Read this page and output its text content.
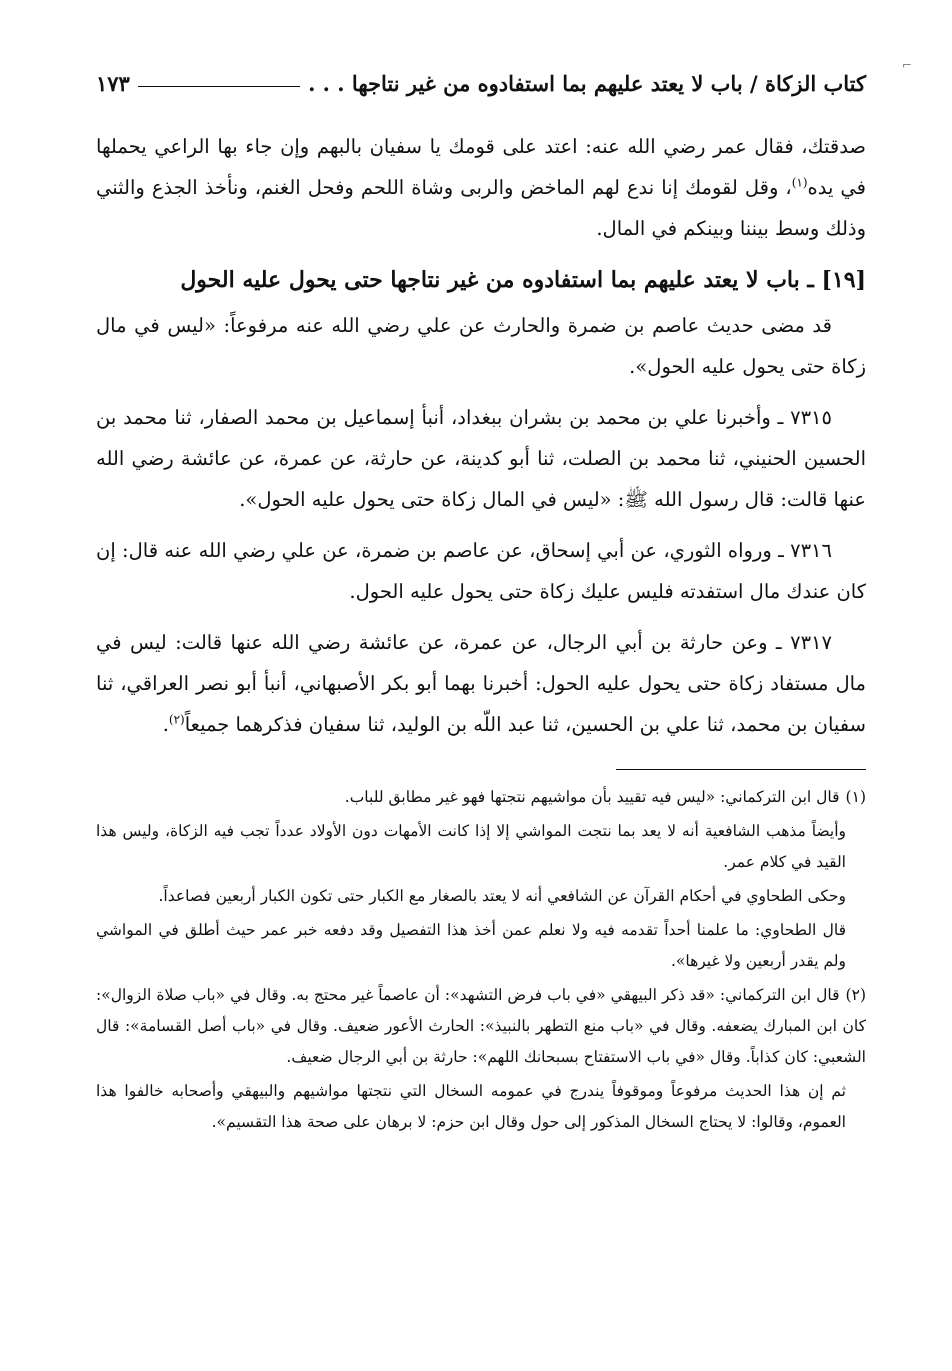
⌐
كتاب الزكاة / باب لا يعتد عليهم بما استفادوه من غير نتاجها . . .
١٧٣

صدقتك، فقال عمر رضي الله عنه: اعتد على قومك يا سفيان بالبهم وإن جاء بها الراعي يحملها في يده$^{(١)}$، وقل لقومك إنا ندع لهم الماخض والربى وشاة اللحم وفحل الغنم، ونأخذ الجذع والثني وذلك وسط بيننا وبينكم في المال.

[١٩] ـ باب لا يعتد عليهم بما استفادوه من غير نتاجها حتى يحول عليه الحول

قد مضى حديث عاصم بن ضمرة والحارث عن علي رضي الله عنه مرفوعاً: «ليس في مال زكاة حتى يحول عليه الحول».

٧٣١٥ ـ وأخبرنا علي بن محمد بن بشران ببغداد، أنبأ إسماعيل بن محمد الصفار، ثنا محمد بن الحسين الحنيني، ثنا محمد بن الصلت، ثنا أبو كدينة، عن حارثة، عن عمرة، عن عائشة رضي الله عنها قالت: قال رسول الله ﷺ: «ليس في المال زكاة حتى يحول عليه الحول».

٧٣١٦ ـ ورواه الثوري، عن أبي إسحاق، عن عاصم بن ضمرة، عن علي رضي الله عنه قال: إن كان عندك مال استفدته فليس عليك زكاة حتى يحول عليه الحول.

٧٣١٧ ـ وعن حارثة بن أبي الرجال، عن عمرة، عن عائشة رضي الله عنها قالت: ليس في مال مستفاد زكاة حتى يحول عليه الحول: أخبرنا بهما أبو بكر الأصبهاني، أنبأ أبو نصر العراقي، ثنا سفيان بن محمد، ثنا علي بن الحسين، ثنا عبد اللّه بن الوليد، ثنا سفيان فذكرهما جميعاً$^{(٢)}$.

(١)قال ابن التركماني: «ليس فيه تقييد بأن مواشيهم نتجتها فهو غير مطابق للباب.

وأيضاً مذهب الشافعية أنه لا يعد بما نتجت المواشي إلا إذا كانت الأمهات دون الأولاد عدداً تجب فيه الزكاة، وليس هذا القيد في كلام عمر.

وحكى الطحاوي في أحكام القرآن عن الشافعي أنه لا يعتد بالصغار مع الكبار حتى تكون الكبار أربعين فصاعداً.

قال الطحاوي: ما علمنا أحداً تقدمه فيه ولا نعلم عمن أخذ هذا التفصيل وقد دفعه خبر عمر حيث أطلق في المواشي ولم يقدر أربعين ولا غيرها».

(٢)قال ابن التركماني: «قد ذكر البيهقي «في باب فرض التشهد»: أن عاصماً غير محتج به. وقال في «باب صلاة الزوال»: كان ابن المبارك يضعفه. وقال في «باب منع التطهر بالنبيذ»: الحارث الأعور ضعيف. وقال في «باب أصل القسامة»: قال الشعبي: كان كذاباً. وقال «في باب الاستفتاح بسبحانك اللهم»: حارثة بن أبي الرجال ضعيف.

ثم إن هذا الحديث مرفوعاً وموقوفاً يندرج في عمومه السخال التي نتجتها مواشيهم والبيهقي وأصحابه خالفوا هذا العموم، وقالوا: لا يحتاج السخال المذكور إلى حول وقال ابن حزم: لا برهان على صحة هذا التقسيم».
